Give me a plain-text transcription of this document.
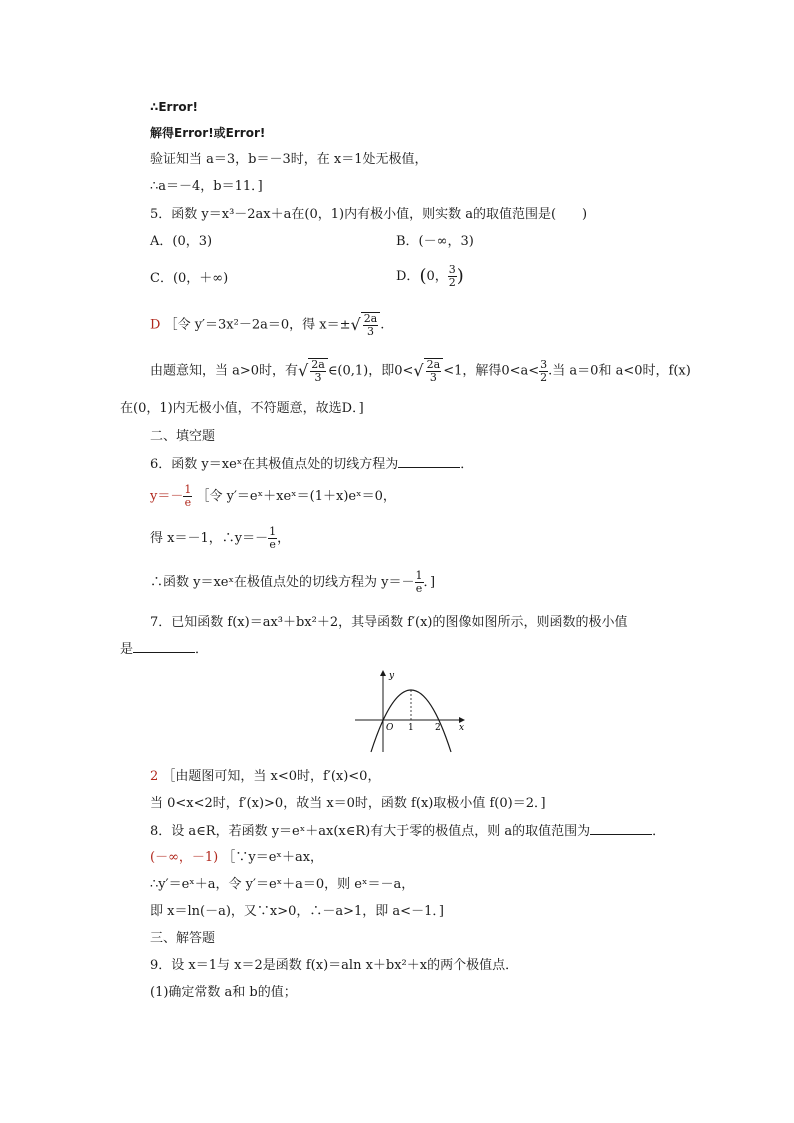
∴Error!
解得Error!或Error!
验证知当 a＝3，b＝－3时，在 x＝1处无极值，
∴a＝－4，b＝11．]
5．函数 y＝x³－2ax＋a在(0，1)内有极小值，则实数 a的取值范围是(　　)
A．(0，3)	B．(－∞，3)
C．(0，＋∞)	D．(0， $\frac{3}{2}$ )
D ［令 y′＝3x²－2a＝0，得 $x=\pm√ \frac{2a}{3}$ .
由题意知，当 a>0时，有√ $\frac{2a}{3}$ ∈(0,1)，即$0<√ \frac{2a}{3} <1$，解得$0<a< \frac{3}{2}$ .当 a＝0和 a<0时，f(x)
在(0，1)内无极小值，不符题意，故选D．]
二、填空题
6．函数 y＝xeˣ在其极值点处的切线方程为	．
$y=- \frac{1}{e}$ ［令 y′＝eˣ＋xeˣ＝(1＋x)eˣ＝0，
得 x＝－1，∴y＝－ $\frac{1}{e}$ ，
∴函数 y＝xeˣ在极值点处的切线方程为 $y=- \frac{1}{e}$ ．]
7．已知函数 f(x)＝ax³＋bx²＋2，其导函数 f′(x)的图像如图所示，则函数的极小值
是	．
y
x
O 1 2
2 ［由题图可知，当 x<0时，f′(x)<0，
当 0<x<2时，f′(x)>0，故当 x＝0时，函数 f(x)取极小值 f(0)＝2．]
8．设 a∈R，若函数 y＝eˣ＋ax(x∈R)有大于零的极值点，则 a的取值范围为	．
(－∞，－1) ［∵y＝eˣ＋ax，
∴y′＝eˣ＋a，令 y′＝eˣ＋a＝0，则 eˣ＝－a，
即 x＝ln(－a)，又∵x>0，∴－a>1，即 a<－1．]
三、解答题
9．设 x＝1与 x＝2是函数 f(x)＝aln x＋bx²＋x的两个极值点．
(1)确定常数 a和 b的值；
